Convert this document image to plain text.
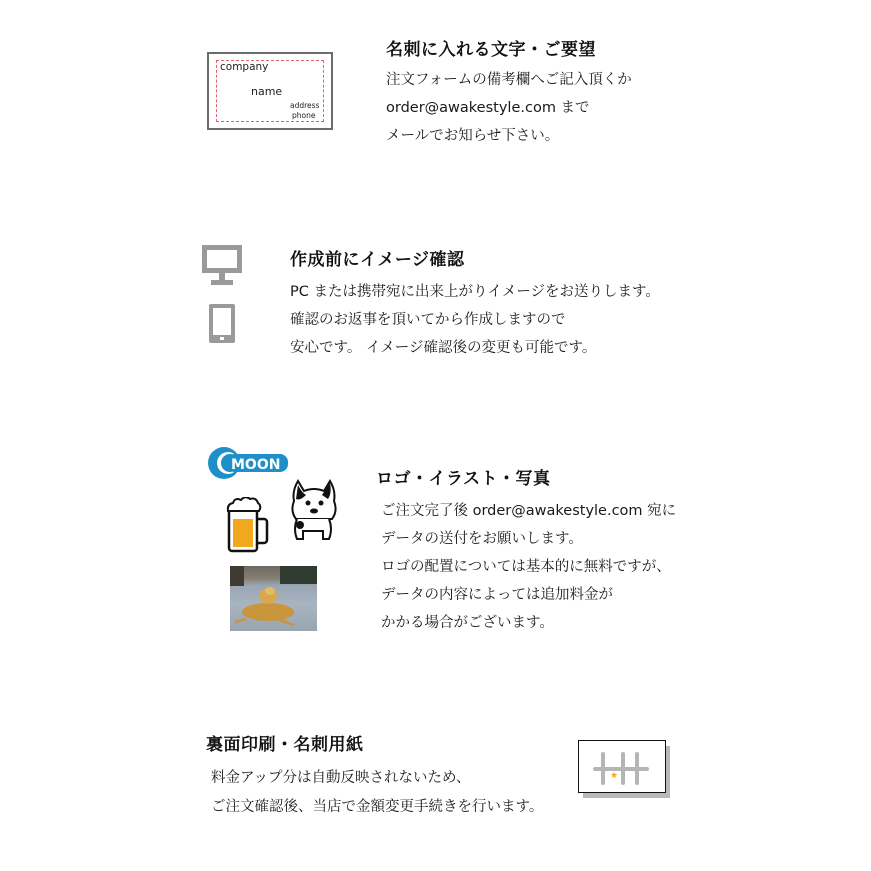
company
name
address
phone
名刺に入れる文字・ご要望
注文フォームの備考欄へご記入頂くか
order@awakestyle.com まで
メールでお知らせ下さい。
作成前にイメージ確認
PC または携帯宛に出来上がりイメージをお送りします。
確認のお返事を頂いてから作成しますので
安心です。 イメージ確認後の変更も可能です。
MOON
ロゴ・イラスト・写真
ご注文完了後 order@awakestyle.com 宛に
データの送付をお願いします。
ロゴの配置については基本的に無料ですが、
データの内容によっては追加料金が
かかる場合がございます。
裏面印刷・名刺用紙
料金アップ分は自動反映されないため、
ご注文確認後、当店で金額変更手続きを行います。
★
